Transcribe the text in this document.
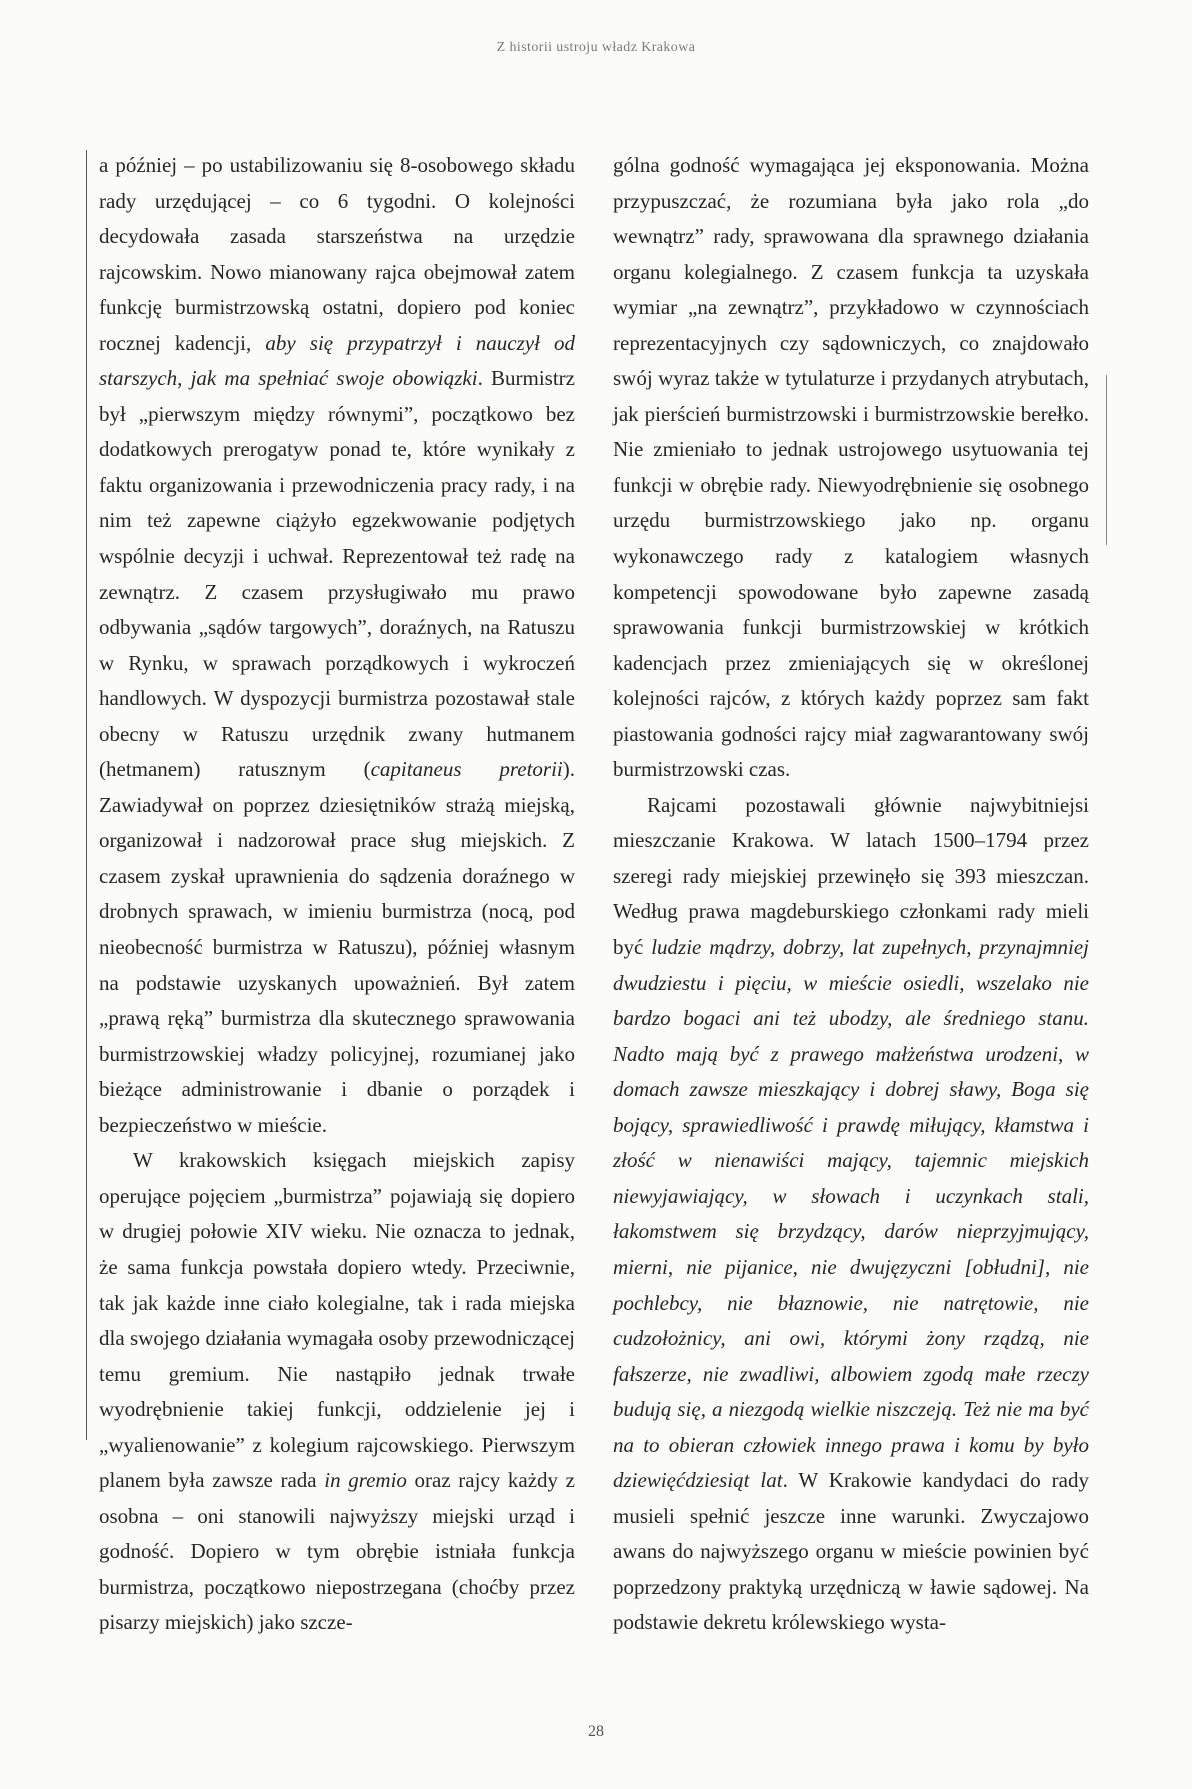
Z historii ustroju władz Krakowa

a później – po ustabilizowaniu się 8-osobowego składu rady urzędującej – co 6 tygodni. O kolejności decydowała zasada starszeństwa na urzędzie rajcowskim. Nowo mianowany rajca obejmował zatem funkcję burmistrzowską ostatni, dopiero pod koniec rocznej kadencji, aby się przypatrzył i nauczył od starszych, jak ma spełniać swoje obowiązki. Burmistrz był „pierwszym między równymi”, początkowo bez dodatkowych prerogatyw ponad te, które wynikały z faktu organizowania i przewodniczenia pracy rady, i na nim też zapewne ciążyło egzekwowanie podjętych wspólnie decyzji i uchwał. Reprezentował też radę na zewnątrz. Z czasem przysługiwało mu prawo odbywania „sądów targowych”, doraźnych, na Ratuszu w Rynku, w sprawach porządkowych i wykroczeń handlowych. W dyspozycji burmistrza pozostawał stale obecny w Ratuszu urzędnik zwany hutmanem (hetmanem) ratusznym (capitaneus pretorii). Zawiadywał on poprzez dziesiętników strażą miejską, organizował i nadzorował prace sług miejskich. Z czasem zyskał uprawnienia do sądzenia doraźnego w drobnych sprawach, w imieniu burmistrza (nocą, pod nieobecność burmistrza w Ratuszu), później własnym na podstawie uzyskanych upoważnień. Był zatem „prawą ręką” burmistrza dla skutecznego sprawowania burmistrzowskiej władzy policyjnej, rozumianej jako bieżące administrowanie i dbanie o porządek i bezpieczeństwo w mieście.

W krakowskich księgach miejskich zapisy operujące pojęciem „burmistrza” pojawiają się dopiero w drugiej połowie XIV wieku. Nie oznacza to jednak, że sama funkcja powstała dopiero wtedy. Przeciwnie, tak jak każde inne ciało kolegialne, tak i rada miejska dla swojego działania wymagała osoby przewodniczącej temu gremium. Nie nastąpiło jednak trwałe wyodrębnienie takiej funkcji, oddzielenie jej i „wyalienowanie” z kolegium rajcowskiego. Pierwszym planem była zawsze rada in gremio oraz rajcy każdy z osobna – oni stanowili najwyższy miejski urząd i godność. Dopiero w tym obrębie istniała funkcja burmistrza, początkowo niepostrzegana (choćby przez pisarzy miejskich) jako szcze-

gólna godność wymagająca jej eksponowania. Można przypuszczać, że rozumiana była jako rola „do wewnątrz” rady, sprawowana dla sprawnego działania organu kolegialnego. Z czasem funkcja ta uzyskała wymiar „na zewnątrz”, przykładowo w czynnościach reprezentacyjnych czy sądowniczych, co znajdowało swój wyraz także w tytulaturze i przydanych atrybutach, jak pierścień burmistrzowski i burmistrzowskie berełko. Nie zmieniało to jednak ustrojowego usytuowania tej funkcji w obrębie rady. Niewyodrębnienie się osobnego urzędu burmistrzowskiego jako np. organu wykonawczego rady z katalogiem własnych kompetencji spowodowane było zapewne zasadą sprawowania funkcji burmistrzowskiej w krótkich kadencjach przez zmieniających się w określonej kolejności rajców, z których każdy poprzez sam fakt piastowania godności rajcy miał zagwarantowany swój burmistrzowski czas.

Rajcami pozostawali głównie najwybitniejsi mieszczanie Krakowa. W latach 1500–1794 przez szeregi rady miejskiej przewinęło się 393 mieszczan. Według prawa magdeburskiego członkami rady mieli być ludzie mądrzy, dobrzy, lat zupełnych, przynajmniej dwudziestu i pięciu, w mieście osiedli, wszelako nie bardzo bogaci ani też ubodzy, ale średniego stanu. Nadto mają być z prawego małżeństwa urodzeni, w domach zawsze mieszkający i dobrej sławy, Boga się bojący, sprawiedliwość i prawdę miłujący, kłamstwa i złość w nienawiści mający, tajemnic miejskich niewyjawiający, w słowach i uczynkach stali, łakomstwem się brzydzący, darów nieprzyjmujący, mierni, nie pijanice, nie dwujęzyczni [obłudni], nie pochlebcy, nie błaznowie, nie natrętowie, nie cudzołożnicy, ani owi, którymi żony rządzą, nie fałszerze, nie zwadliwi, albowiem zgodą małe rzeczy budują się, a niezgodą wielkie niszczeją. Też nie ma być na to obieran człowiek innego prawa i komu by było dziewięćdziesiąt lat. W Krakowie kandydaci do rady musieli spełnić jeszcze inne warunki. Zwyczajowo awans do najwyższego organu w mieście powinien być poprzedzony praktyką urzędniczą w ławie sądowej. Na podstawie dekretu królewskiego wysta-

28
